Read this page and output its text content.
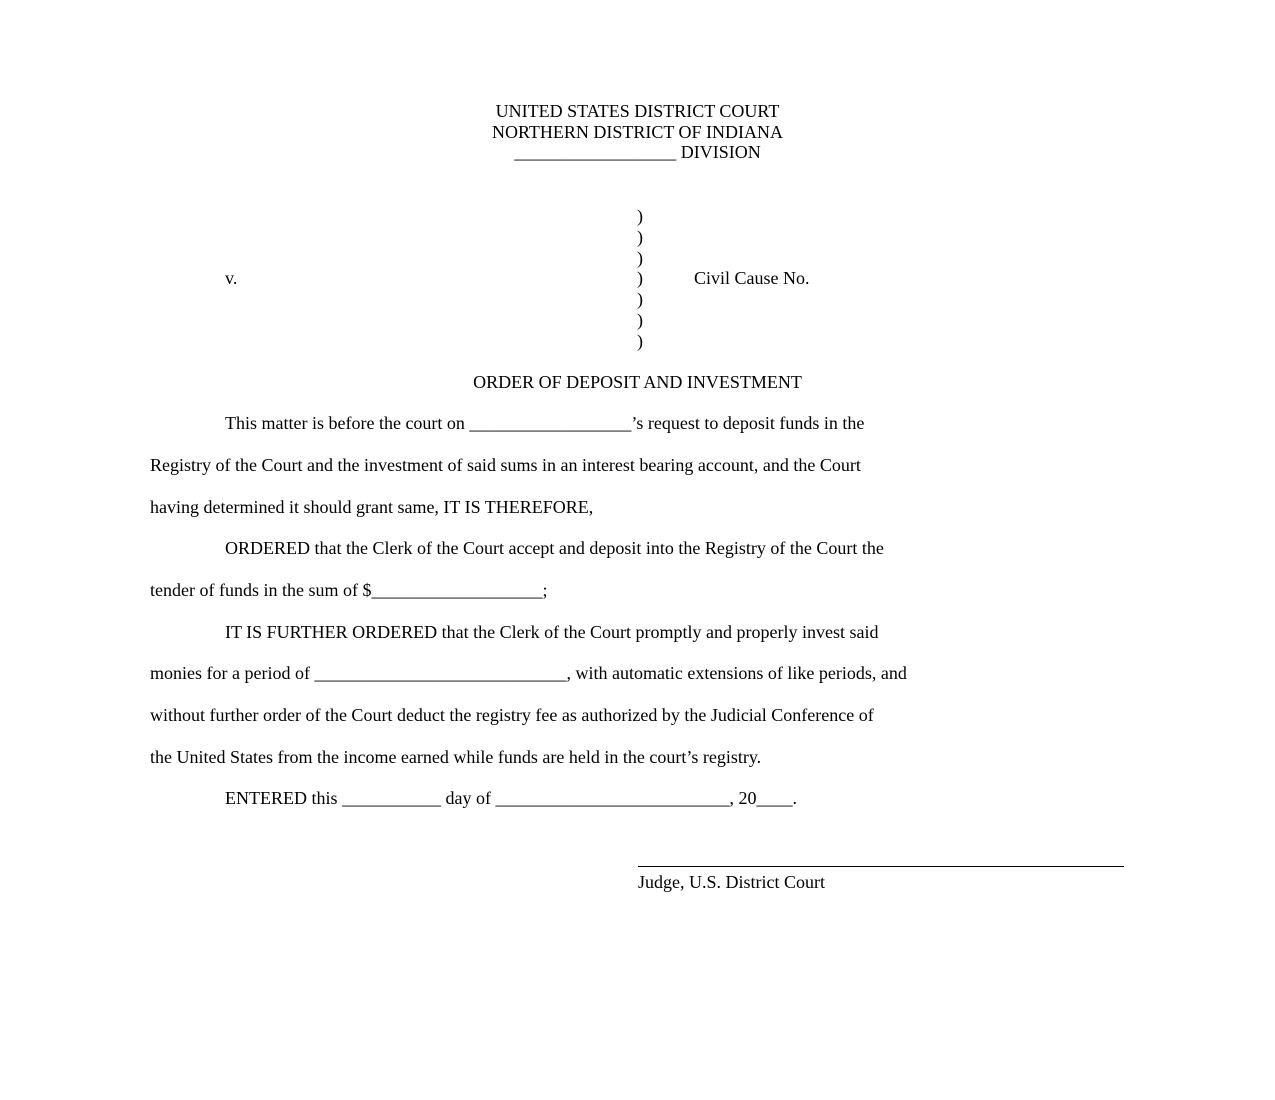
UNITED STATES DISTRICT COURT
NORTHERN DISTRICT OF INDIANA
__________________ DIVISION
)
)
)
)
)
)
)
v.	Civil Cause No.
ORDER OF DEPOSIT AND INVESTMENT
This matter is before the court on __________________’s request to deposit funds in the
Registry of the Court and the investment of said sums in an interest bearing account, and the Court
having determined it should grant same, IT IS THEREFORE,
ORDERED that the Clerk of the Court accept and deposit into the Registry of the Court the
tender of funds in the sum of $___________________;
IT IS FURTHER ORDERED that the Clerk of the Court promptly and properly invest said
monies for a period of ____________________________, with automatic extensions of like periods, and
without further order of the Court deduct the registry fee as authorized by the Judicial Conference of
the United States from the income earned while funds are held in the court’s registry.
ENTERED this ___________ day of __________________________, 20____.
Judge, U.S. District Court
